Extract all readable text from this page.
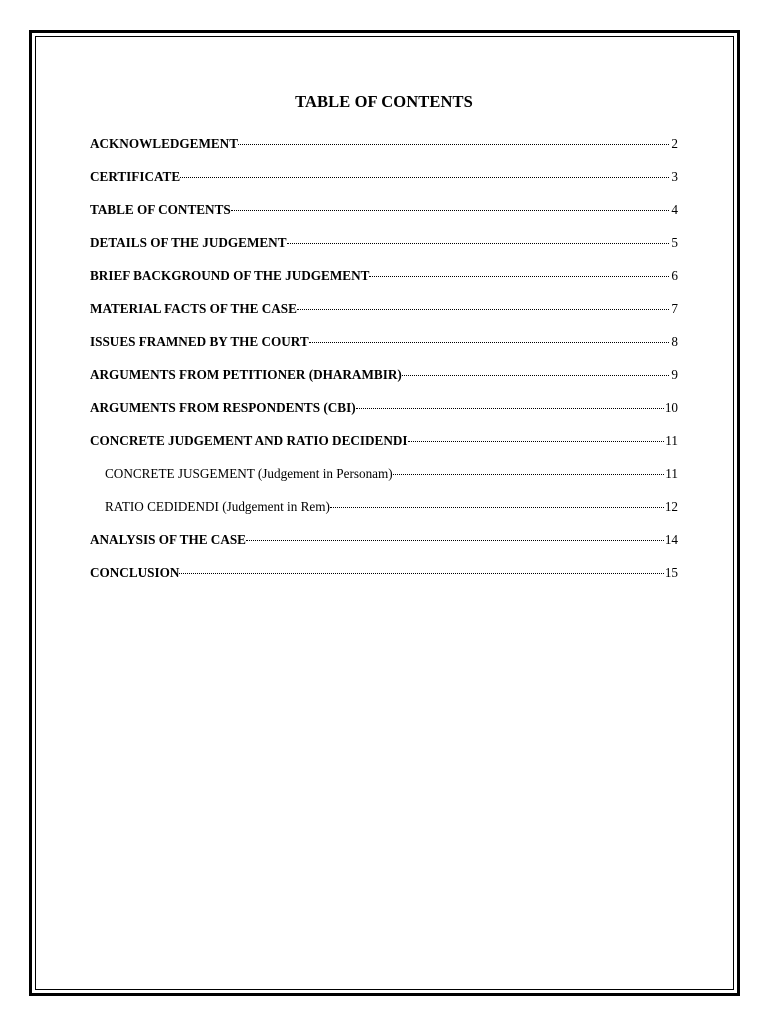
TABLE OF CONTENTS
ACKNOWLEDGEMENT	2
CERTIFICATE	3
TABLE OF CONTENTS	4
DETAILS OF THE JUDGEMENT	5
BRIEF BACKGROUND OF THE JUDGEMENT	6
MATERIAL FACTS OF THE CASE	7
ISSUES FRAMNED BY THE COURT	8
ARGUMENTS FROM PETITIONER (DHARAMBIR)	9
ARGUMENTS FROM RESPONDENTS (CBI)	10
CONCRETE JUDGEMENT AND RATIO DECIDENDI	11
CONCRETE JUSGEMENT (Judgement in Personam)	11
RATIO CEDIDENDI (Judgement in Rem)	12
ANALYSIS OF THE CASE	14
CONCLUSION	15
